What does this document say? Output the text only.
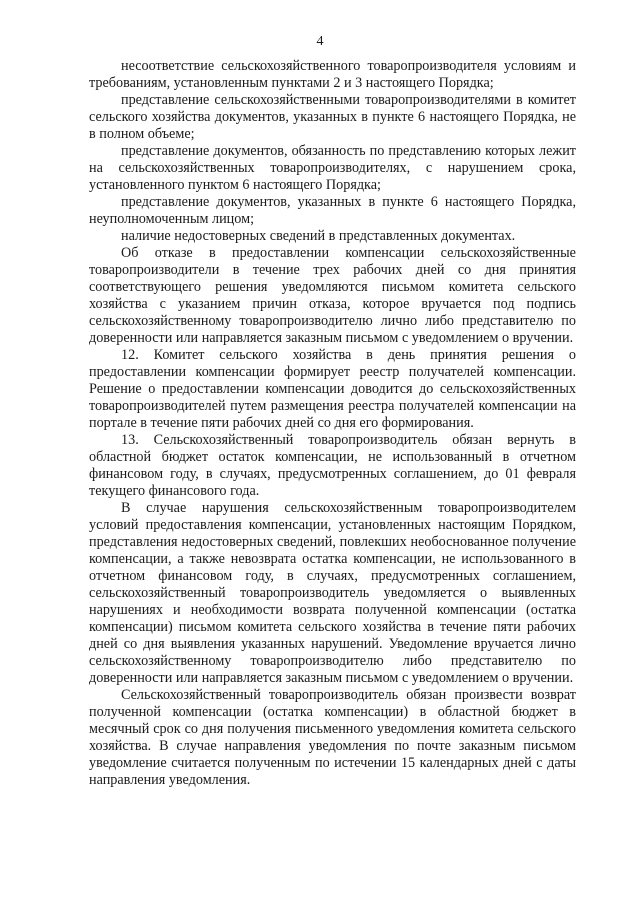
4

несоответствие сельскохозяйственного товаропроизводителя условиям и требованиям, установленным пунктами 2 и 3 настоящего Порядка;

представление сельскохозяйственными товаропроизводителями в комитет сельского хозяйства документов, указанных в пункте 6 настоящего Порядка, не в полном объеме;

представление документов, обязанность по представлению которых лежит на сельскохозяйственных товаропроизводителях, с нарушением срока, установленного пунктом 6 настоящего Порядка;

представление документов, указанных в пункте 6 настоящего Порядка, неуполномоченным лицом;

наличие недостоверных сведений в представленных документах.

Об отказе в предоставлении компенсации сельскохозяйственные товаропроизводители в течение трех рабочих дней со дня принятия соответствующего решения уведомляются письмом комитета сельского хозяйства с указанием причин отказа, которое вручается под подпись сельскохозяйственному товаропроизводителю лично либо представителю по доверенности или направляется заказным письмом с уведомлением о вручении.

12. Комитет сельского хозяйства в день принятия решения о предоставлении компенсации формирует реестр получателей компенсации. Решение о предоставлении компенсации доводится до сельскохозяйственных товаропроизводителей путем размещения реестра получателей компенсации на портале в течение пяти рабочих дней со дня его формирования.

13. Сельскохозяйственный товаропроизводитель обязан вернуть в областной бюджет остаток компенсации, не использованный в отчетном финансовом году, в случаях, предусмотренных соглашением, до 01 февраля текущего финансового года.

В случае нарушения сельскохозяйственным товаропроизводителем условий предоставления компенсации, установленных настоящим Порядком, представления недостоверных сведений, повлекших необоснованное получение компенсации, а также невозврата остатка компенсации, не использованного в отчетном финансовом году, в случаях, предусмотренных соглашением, сельскохозяйственный товаропроизводитель уведомляется о выявленных нарушениях и необходимости возврата полученной компенсации (остатка компенсации) письмом комитета сельского хозяйства в течение пяти рабочих дней со дня выявления указанных нарушений. Уведомление вручается лично сельскохозяйственному товаропроизводителю либо представителю по доверенности или направляется заказным письмом с уведомлением о вручении.

Сельскохозяйственный товаропроизводитель обязан произвести возврат полученной компенсации (остатка компенсации) в областной бюджет в месячный срок со дня получения письменного уведомления комитета сельского хозяйства. В случае направления уведомления по почте заказным письмом уведомление считается полученным по истечении 15 календарных дней с даты направления уведомления.
